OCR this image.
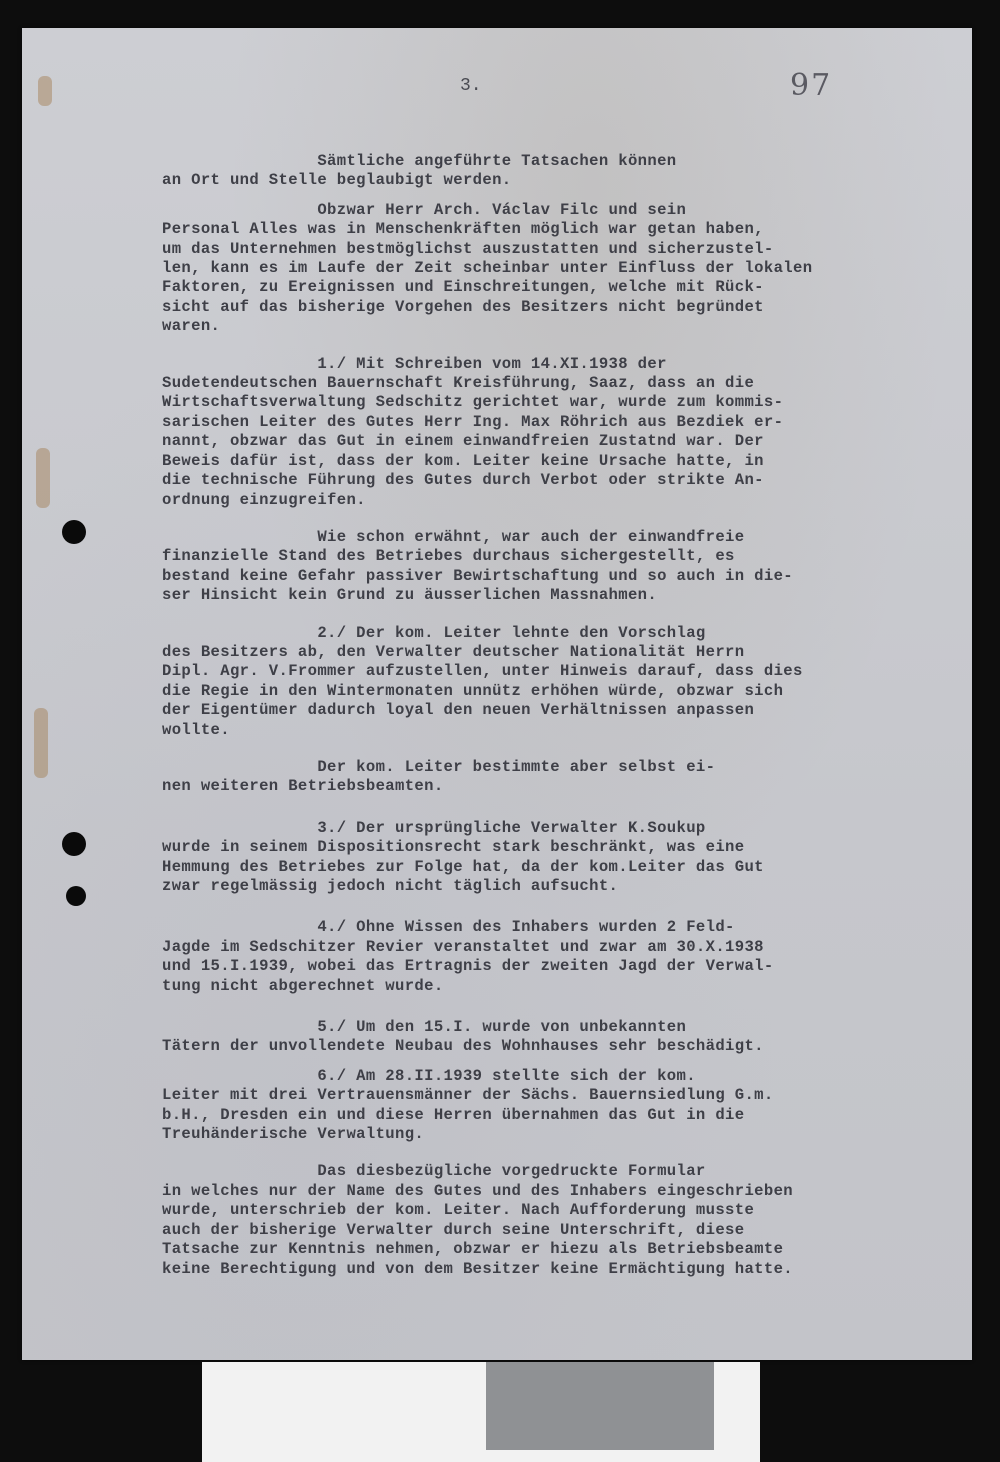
3.	97
Sämtliche angeführte Tatsachen können
an Ort und Stelle beglaubigt werden.
Obzwar Herr Arch. Václav Filc und sein
Personal Alles was in Menschenkräften möglich war getan haben,
um das Unternehmen bestmöglichst auszustatten und sicherzustel-
len, kann es im Laufe der Zeit scheinbar unter Einfluss der lokalen
Faktoren, zu Ereignissen und Einschreitungen, welche mit Rück-
sicht auf das bisherige Vorgehen des Besitzers nicht begründet
waren.
1./ Mit Schreiben vom 14.XI.1938 der
Sudetendeutschen Bauernschaft Kreisführung, Saaz, dass an die
Wirtschaftsverwaltung Sedschitz gerichtet war, wurde zum kommis-
sarischen Leiter des Gutes Herr Ing. Max Röhrich aus Bezdiek er-
nannt, obzwar das Gut in einem einwandfreien Zustatnd war. Der
Beweis dafür ist, dass der kom. Leiter keine Ursache hatte, in
die technische Führung des Gutes durch Verbot oder strikte An-
ordnung einzugreifen.
Wie schon erwähnt, war auch der einwandfreie
finanzielle Stand des Betriebes durchaus sichergestellt, es
bestand keine Gefahr passiver Bewirtschaftung und so auch in die-
ser Hinsicht kein Grund zu äusserlichen Massnahmen.
2./ Der kom. Leiter lehnte den Vorschlag
des Besitzers ab, den Verwalter deutscher Nationalität Herrn
Dipl. Agr. V.Frommer aufzustellen, unter Hinweis darauf, dass dies
die Regie in den Wintermonaten unnütz erhöhen würde, obzwar sich
der Eigentümer dadurch loyal den neuen Verhältnissen anpassen
wollte.
Der kom. Leiter bestimmte aber selbst ei-
nen weiteren Betriebsbeamten.
3./ Der ursprüngliche Verwalter K.Soukup
wurde in seinem Dispositionsrecht stark beschränkt, was eine
Hemmung des Betriebes zur Folge hat, da der kom.Leiter das Gut
zwar regelmässig jedoch nicht täglich aufsucht.
4./ Ohne Wissen des Inhabers wurden 2 Feld-
Jagde im Sedschitzer Revier veranstaltet und zwar am 30.X.1938
und 15.I.1939, wobei das Ertragnis der zweiten Jagd der Verwal-
tung nicht abgerechnet wurde.
5./ Um den 15.I. wurde von unbekannten
Tätern der unvollendete Neubau des Wohnhauses sehr beschädigt.
6./ Am 28.II.1939 stellte sich der kom.
Leiter mit drei Vertrauensmänner der Sächs. Bauernsiedlung G.m.
b.H., Dresden ein und diese Herren übernahmen das Gut in die
Treuhänderische Verwaltung.
Das diesbezügliche vorgedruckte Formular
in welches nur der Name des Gutes und des Inhabers eingeschrieben
wurde, unterschrieb der kom. Leiter. Nach Aufforderung musste
auch der bisherige Verwalter durch seine Unterschrift, diese
Tatsache zur Kenntnis nehmen, obzwar er hiezu als Betriebsbeamte
keine Berechtigung und von dem Besitzer keine Ermächtigung hatte.
